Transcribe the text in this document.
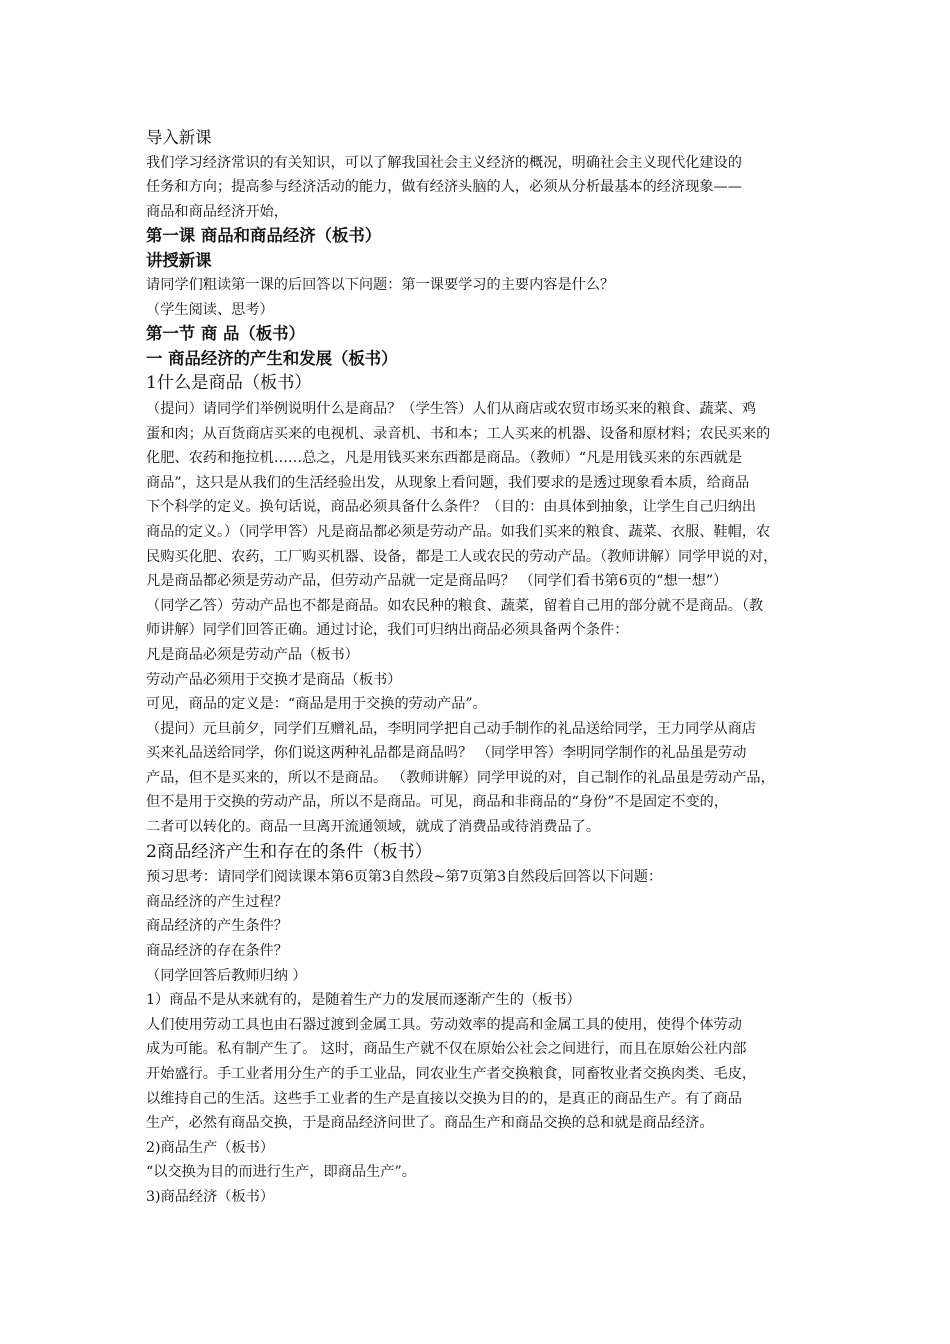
导入新课
我们学习经济常识的有关知识，可以了解我国社会主义经济的概况，明确社会主义现代化建设的
任务和方向；提高参与经济活动的能力，做有经济头脑的人，必须从分析最基本的经济现象——
商品和商品经济开始，
第一课 商品和商品经济（板书）
讲授新课
请同学们粗读第一课的后回答以下问题：第一课要学习的主要内容是什么？
（学生阅读、思考）
第一节 商 品（板书）
一 商品经济的产生和发展（板书）
1什么是商品（板书）
（提问）请同学们举例说明什么是商品？（学生答）人们从商店或农贸市场买来的粮食、蔬菜、鸡
蛋和肉；从百货商店买来的电视机、录音机、书和本；工人买来的机器、设备和原材料；农民买来的
化肥、农药和拖拉机……总之，凡是用钱买来东西都是商品。（教师）“凡是用钱买来的东西就是
商品”，这只是从我们的生活经验出发，从现象上看问题，我们要求的是透过现象看本质，给商品
下个科学的定义。换句话说，商品必须具备什么条件？（目的：由具体到抽象，让学生自己归纳出
商品的定义。）（同学甲答）凡是商品都必须是劳动产品。如我们买来的粮食、蔬菜、衣服、鞋帽，农
民购买化肥、农药，工厂购买机器、设备，都是工人或农民的劳动产品。（教师讲解）同学甲说的对，
凡是商品都必须是劳动产品，但劳动产品就一定是商品吗？ （同学们看书第6页的“想一想”）
（同学乙答）劳动产品也不都是商品。如农民种的粮食、蔬菜，留着自己用的部分就不是商品。（教
师讲解）同学们回答正确。通过讨论，我们可归纳出商品必须具备两个条件：
凡是商品必须是劳动产品（板书）
劳动产品必须用于交换才是商品（板书）
可见，商品的定义是：“商品是用于交换的劳动产品”。
（提问）元旦前夕，同学们互赠礼品，李明同学把自己动手制作的礼品送给同学，王力同学从商店
买来礼品送给同学，你们说这两种礼品都是商品吗？ （同学甲答）李明同学制作的礼品虽是劳动
产品，但不是买来的，所以不是商品。 （教师讲解）同学甲说的对，自己制作的礼品虽是劳动产品，
但不是用于交换的劳动产品，所以不是商品。可见，商品和非商品的“身份”不是固定不变的，
二者可以转化的。商品一旦离开流通领域，就成了消费品或待消费品了。
2商品经济产生和存在的条件（板书）
预习思考：请同学们阅读课本第6页第3自然段~第7页第3自然段后回答以下问题：
商品经济的产生过程？
商品经济的产生条件？
商品经济的存在条件？
（同学回答后教师归纳 ）
1）商品不是从来就有的，是随着生产力的发展而逐渐产生的（板书）
人们使用劳动工具也由石器过渡到金属工具。劳动效率的提高和金属工具的使用，使得个体劳动
成为可能。私有制产生了。 这时，商品生产就不仅在原始公社会之间进行，而且在原始公社内部
开始盛行。手工业者用分生产的手工业品，同农业生产者交换粮食，同畜牧业者交换肉类、毛皮，
以维持自己的生活。这些手工业者的生产是直接以交换为目的的，是真正的商品生产。有了商品
生产，必然有商品交换，于是商品经济问世了。商品生产和商品交换的总和就是商品经济。
2)商品生产（板书）
“以交换为目的而进行生产，即商品生产”。
3)商品经济（板书）
